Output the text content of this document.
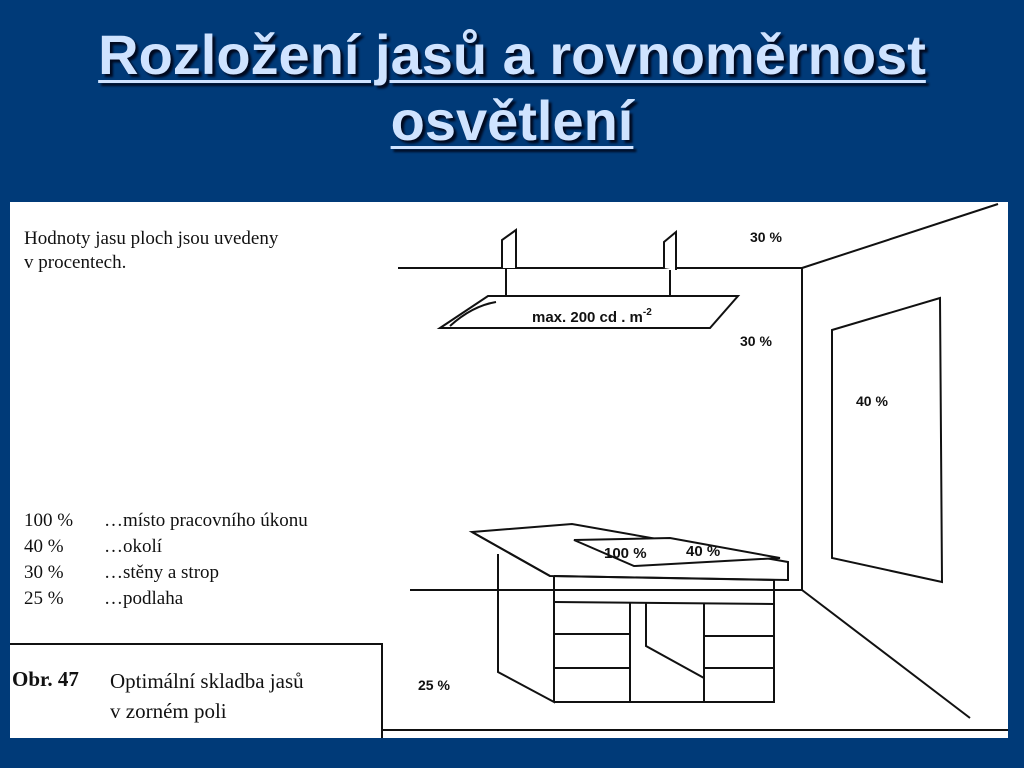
Rozložení jasů a rovnoměrnost
osvětlení
Hodnoty jasu ploch jsou uvedeny
v procentech.
max. 200 cd . $m^{-2}$
30 %
30 %
40 %
100 %	40 %
25 %
100 % …místo pracovního úkonu
40 % …okolí
30 % …stěny a strop
25 % …podlaha
Obr. 47 Optimální skladba jasů
v zorném poli
